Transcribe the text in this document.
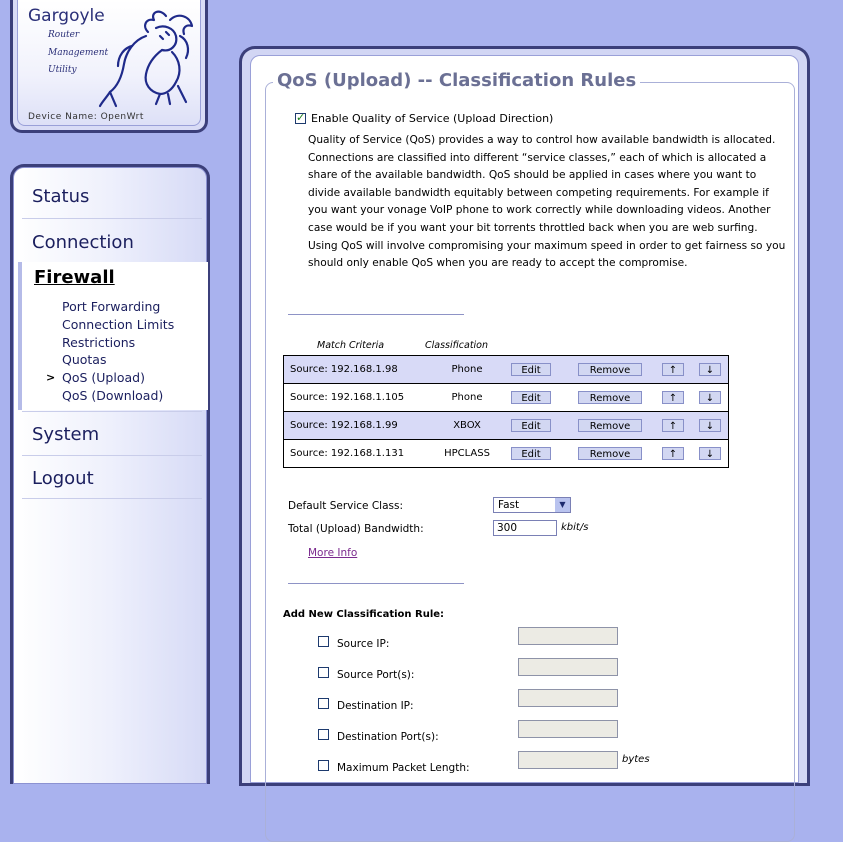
Gargoyle
Router
Management
Utility
Device Name: OpenWrt
Status
Connection
Firewall
Port Forwarding
Connection Limits
Restrictions
Quotas
> QoS (Upload)
QoS (Download)
System
Logout
QoS (Upload) -- Classification Rules
✓
Enable Quality of Service (Upload Direction)
Quality of Service (QoS) provides a way to control how available bandwidth is allocated. Connections are classified into different “service classes,” each of which is allocated a share of the available bandwidth. QoS should be applied in cases where you want to divide available bandwidth equitably between competing requirements. For example if you want your vonage VoIP phone to work correctly while downloading videos. Another case would be if you want your bit torrents throttled back when you are web surfing. Using QoS will involve compromising your maximum speed in order to get fairness so you should only enable QoS when you are ready to accept the compromise.
Match Criteria	Classification
Source: 192.168.1.98	Phone	Edit	Remove	↑	↓
Source: 192.168.1.105	Phone	Edit	Remove	↑	↓
Source: 192.168.1.99	XBOX	Edit	Remove	↑	↓
Source: 192.168.1.131	HPCLASS	Edit	Remove	↑	↓
Default Service Class:	Fast	▼
Total (Upload) Bandwidth:	300	kbit/s
More Info
Add New Classification Rule:
Source IP:
Source Port(s):
Destination IP:
Destination Port(s):
Maximum Packet Length:
bytes
